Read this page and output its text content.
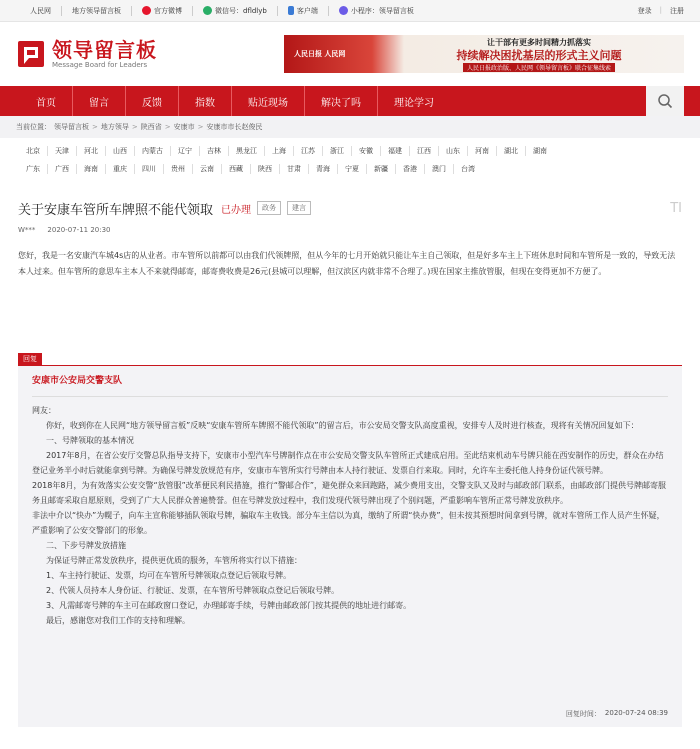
人民网	地方领导留言板	官方微博	微信号：dfldlyb	客户端	小程序：领导留言板	登录 | 注册
领导留言板
Message Board for Leaders
人民日报 人民网
让干部有更多时间精力抓落实
持续解决困扰基层的形式主义问题
人民日报政治版、人民网《领导留言板》联合征集线索
首页	留言	反馈	指数	贴近现场	解决了吗	理论学习
当前位置： 领导留言板 > 地方领导 > 陕西省 > 安康市 > 安康市市长赵俊民
北京	天津	河北	山西	内蒙古	辽宁	吉林	黑龙江	上海	江苏	浙江	安徽	福建	江西	山东	河南	湖北	湖南
广东	广西	海南	重庆	四川	贵州	云南	西藏	陕西	甘肃	青海	宁夏	新疆	香港	澳门	台湾
关于安康车管所车牌照不能代领取 已办理	政务	建言	TI
W*** 2020-07-11 20:30
您好，我是一名安康汽车城4s店的从业者。市车管所以前都可以由我们代领牌照，但从今年的七月开始就只能让车主自己领取，但是好多车主上下班休息时间和车管所是一致的，导致无法本人过来。但车管所的意思车主本人不来就得邮寄，邮寄费收费是26元(县城可以理解，但汉滨区内就非常不合理了。)现在国家主推放管服，但现在变得更加不方便了。
回复
安康市公安局交警支队

网友：

你好，收到你在人民网“地方领导留言板”反映“安康车管所车牌照不能代领取”的留言后，市公安局交警支队高度重视，安排专人及时进行核查，现将有关情况回复如下：

一、号牌领取的基本情况

2017年8月，在省公安厅交警总队指导支持下，安康市小型汽车号牌制作点在市公安局交警支队车管所正式建成启用。至此结束机动车号牌只能在西安制作的历史，群众在办结登记业务半小时后就能拿到号牌。为确保号牌发放规范有序，安康市车管所实行号牌由本人持行驶证、发票自行来取。同时，允许车主委托他人持身份证代领号牌。

2018年8月，为有效落实公安交警“放管服”改革便民利民措施，推行“警邮合作”，避免群众来回跑路，减少费用支出，交警支队又及时与邮政部门联系，由邮政部门提供号牌邮寄服务且邮寄采取自愿原则，受到了广大人民群众普遍赞誉。但在号牌发放过程中，我们发现代领号牌出现了个别问题，严重影响车管所正常号牌发放秩序。

非法中介以“快办”为幌子，向车主宣称能够插队领取号牌，骗取车主收钱。部分车主信以为真，缴纳了所谓“快办费”，但未按其预想时间拿到号牌，就对车管所工作人员产生怀疑，严重影响了公安交警部门的形象。

二、下步号牌发放措施

为保证号牌正常发放秩序，提供更优质的服务，车管所将实行以下措施：

1、车主持行驶证、发票，均可在车管所号牌领取点登记后领取号牌。

2、代领人员持本人身份证、行驶证、发票，在车管所号牌领取点登记后领取号牌。

3、凡需邮寄号牌的车主可在邮政窗口登记，办理邮寄手续，号牌由邮政部门按其提供的地址进行邮寄。

最后，感谢您对我们工作的支持和理解。

回复时间： 2020-07-24 08:39
